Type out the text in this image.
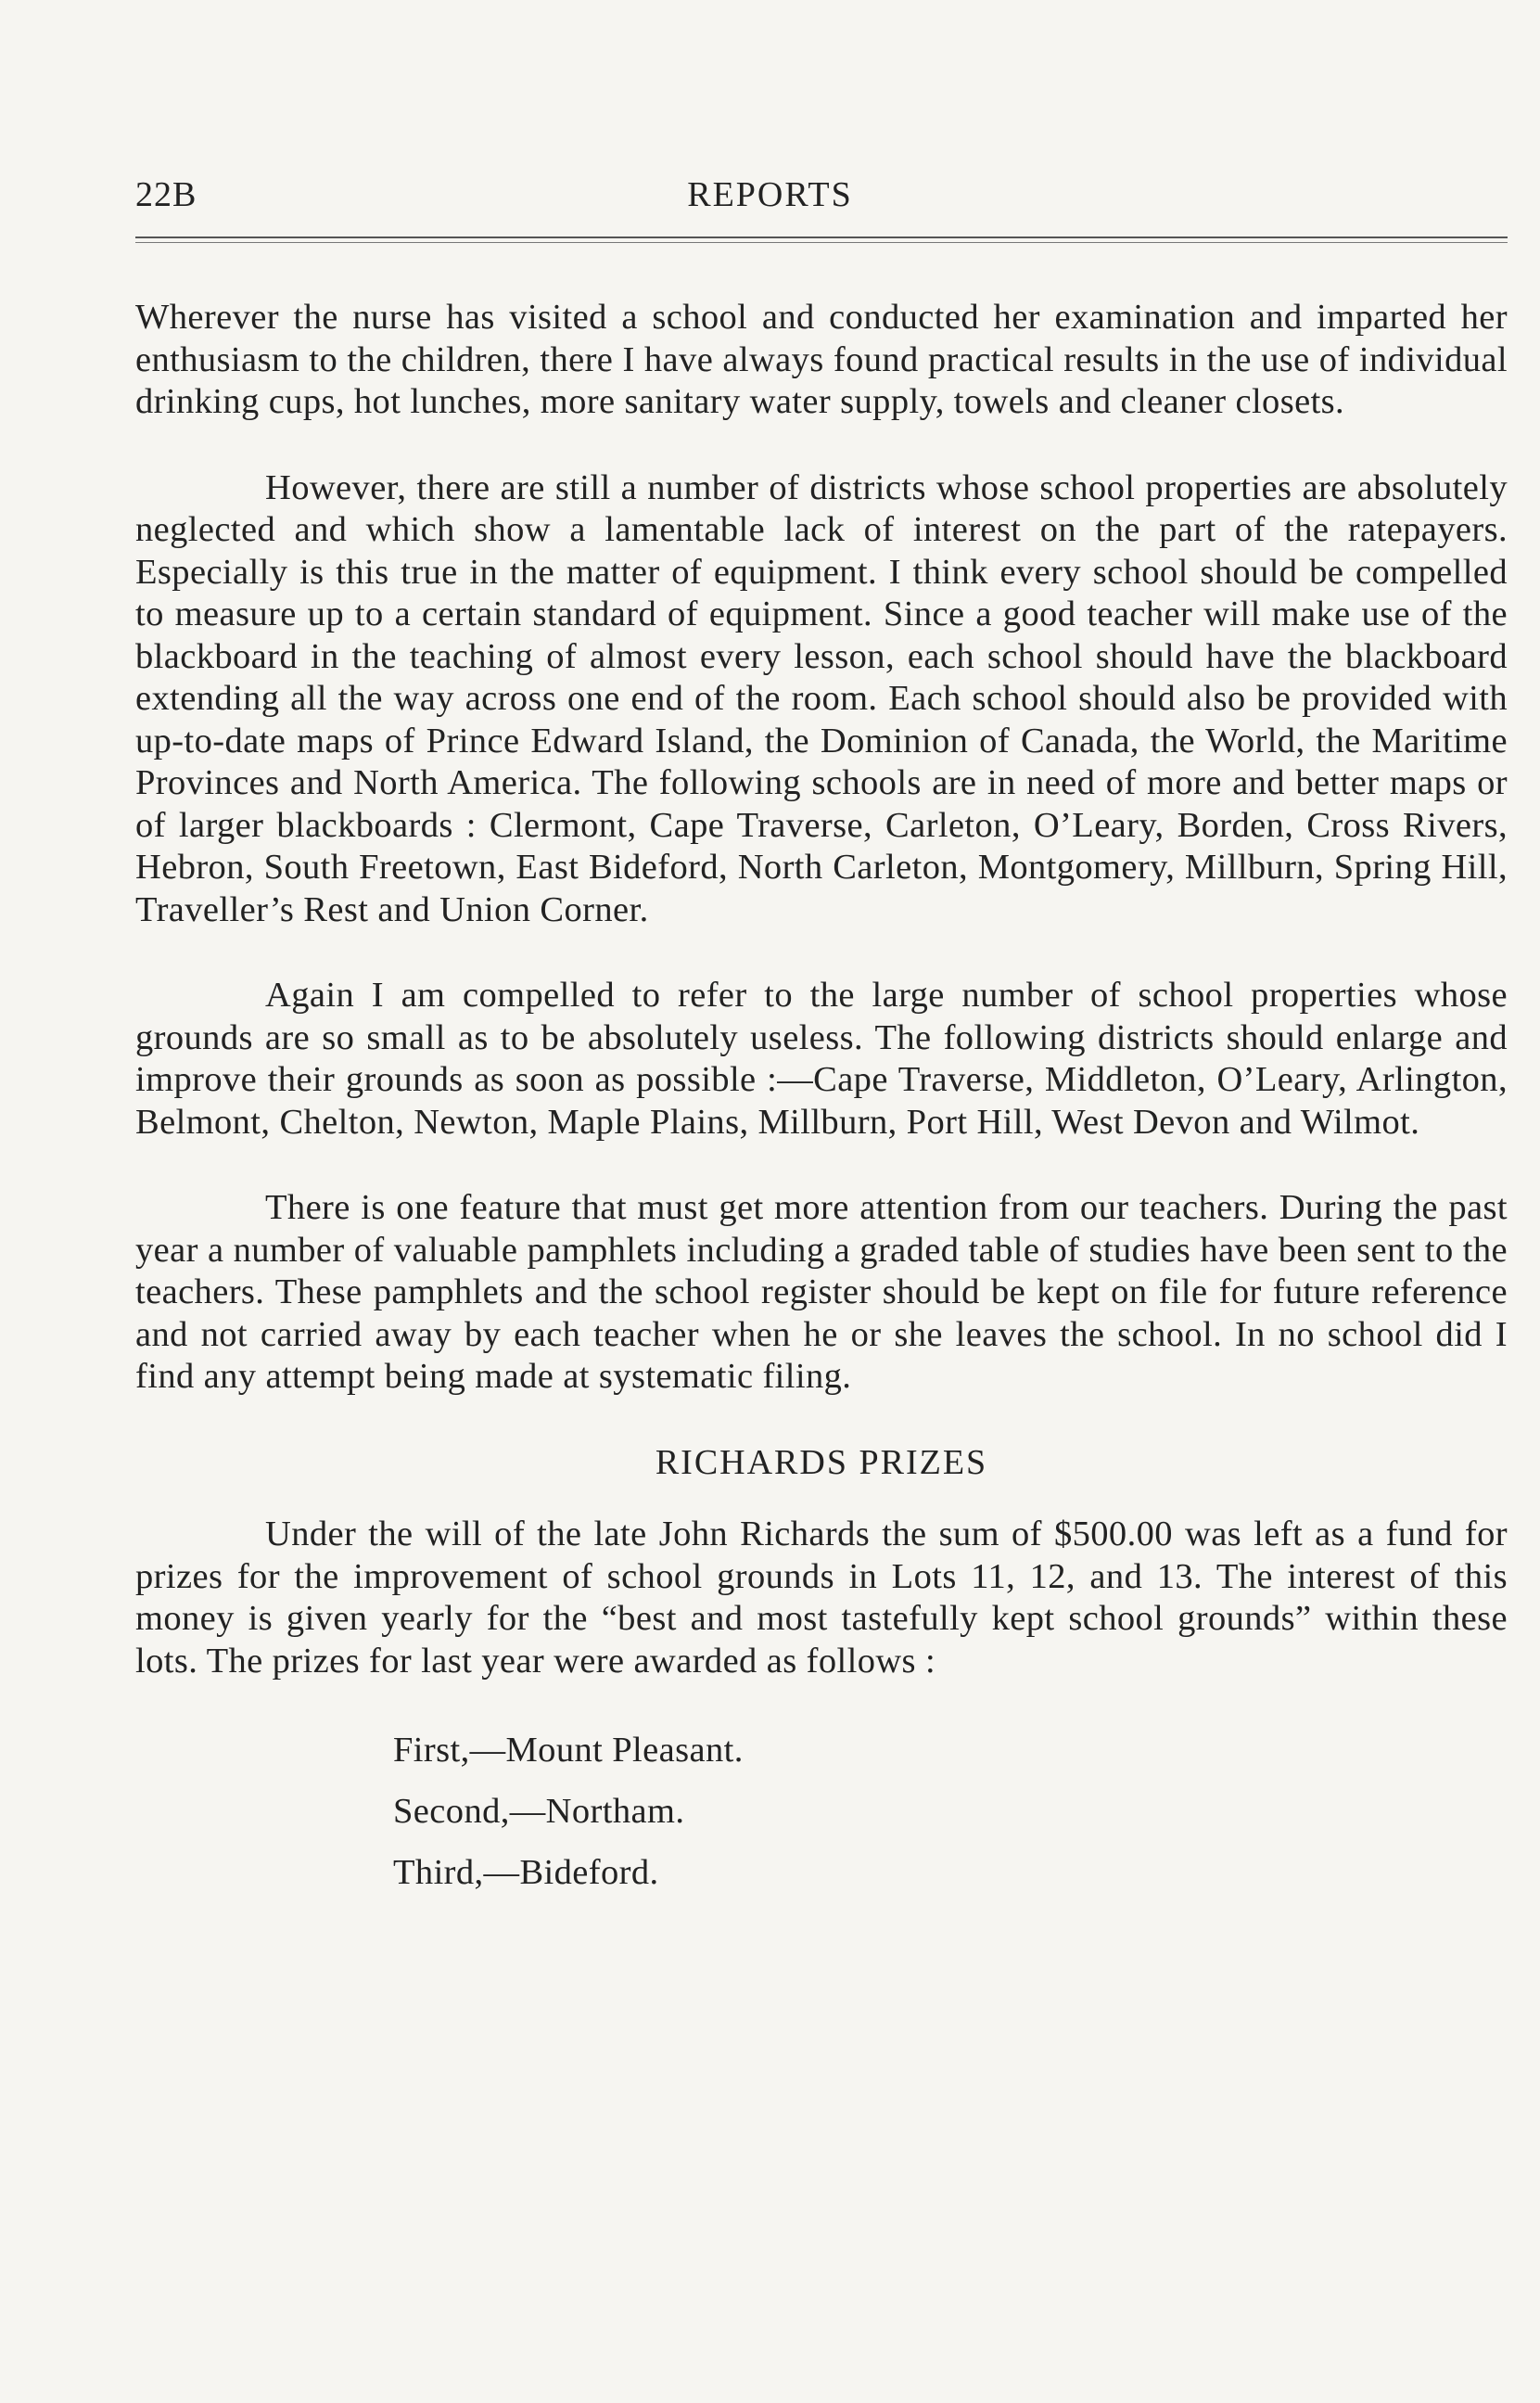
22B	REPORTS

Wherever the nurse has visited a school and conducted her examination and imparted her enthusiasm to the children, there I have always found practical results in the use of individual drinking cups, hot lunches, more sanitary water supply, towels and cleaner closets.

However, there are still a number of districts whose school properties are absolutely neglected and which show a lamentable lack of interest on the part of the ratepayers. Especially is this true in the matter of equipment. I think every school should be compelled to measure up to a certain standard of equipment. Since a good teacher will make use of the blackboard in the teaching of almost every lesson, each school should have the blackboard extending all the way across one end of the room. Each school should also be provided with up-to-date maps of Prince Edward Island, the Dominion of Canada, the World, the Maritime Provinces and North America. The following schools are in need of more and better maps or of larger blackboards : Clermont, Cape Traverse, Carleton, O’Leary, Borden, Cross Rivers, Hebron, South Freetown, East Bideford, North Carleton, Montgomery, Millburn, Spring Hill, Traveller’s Rest and Union Corner.

Again I am compelled to refer to the large number of school properties whose grounds are so small as to be absolutely useless. The following districts should enlarge and improve their grounds as soon as possible :—Cape Traverse, Middleton, O’Leary, Arlington, Belmont, Chelton, Newton, Maple Plains, Millburn, Port Hill, West Devon and Wilmot.

There is one feature that must get more attention from our teachers. During the past year a number of valuable pamphlets including a graded table of studies have been sent to the teachers. These pamphlets and the school register should be kept on file for future reference and not carried away by each teacher when he or she leaves the school. In no school did I find any attempt being made at systematic filing.

RICHARDS PRIZES

Under the will of the late John Richards the sum of $500.00 was left as a fund for prizes for the improvement of school grounds in Lots 11, 12, and 13. The interest of this money is given yearly for the “best and most tastefully kept school grounds” within these lots. The prizes for last year were awarded as follows :

First,—Mount Pleasant.
Second,—Northam.
Third,—Bideford.
